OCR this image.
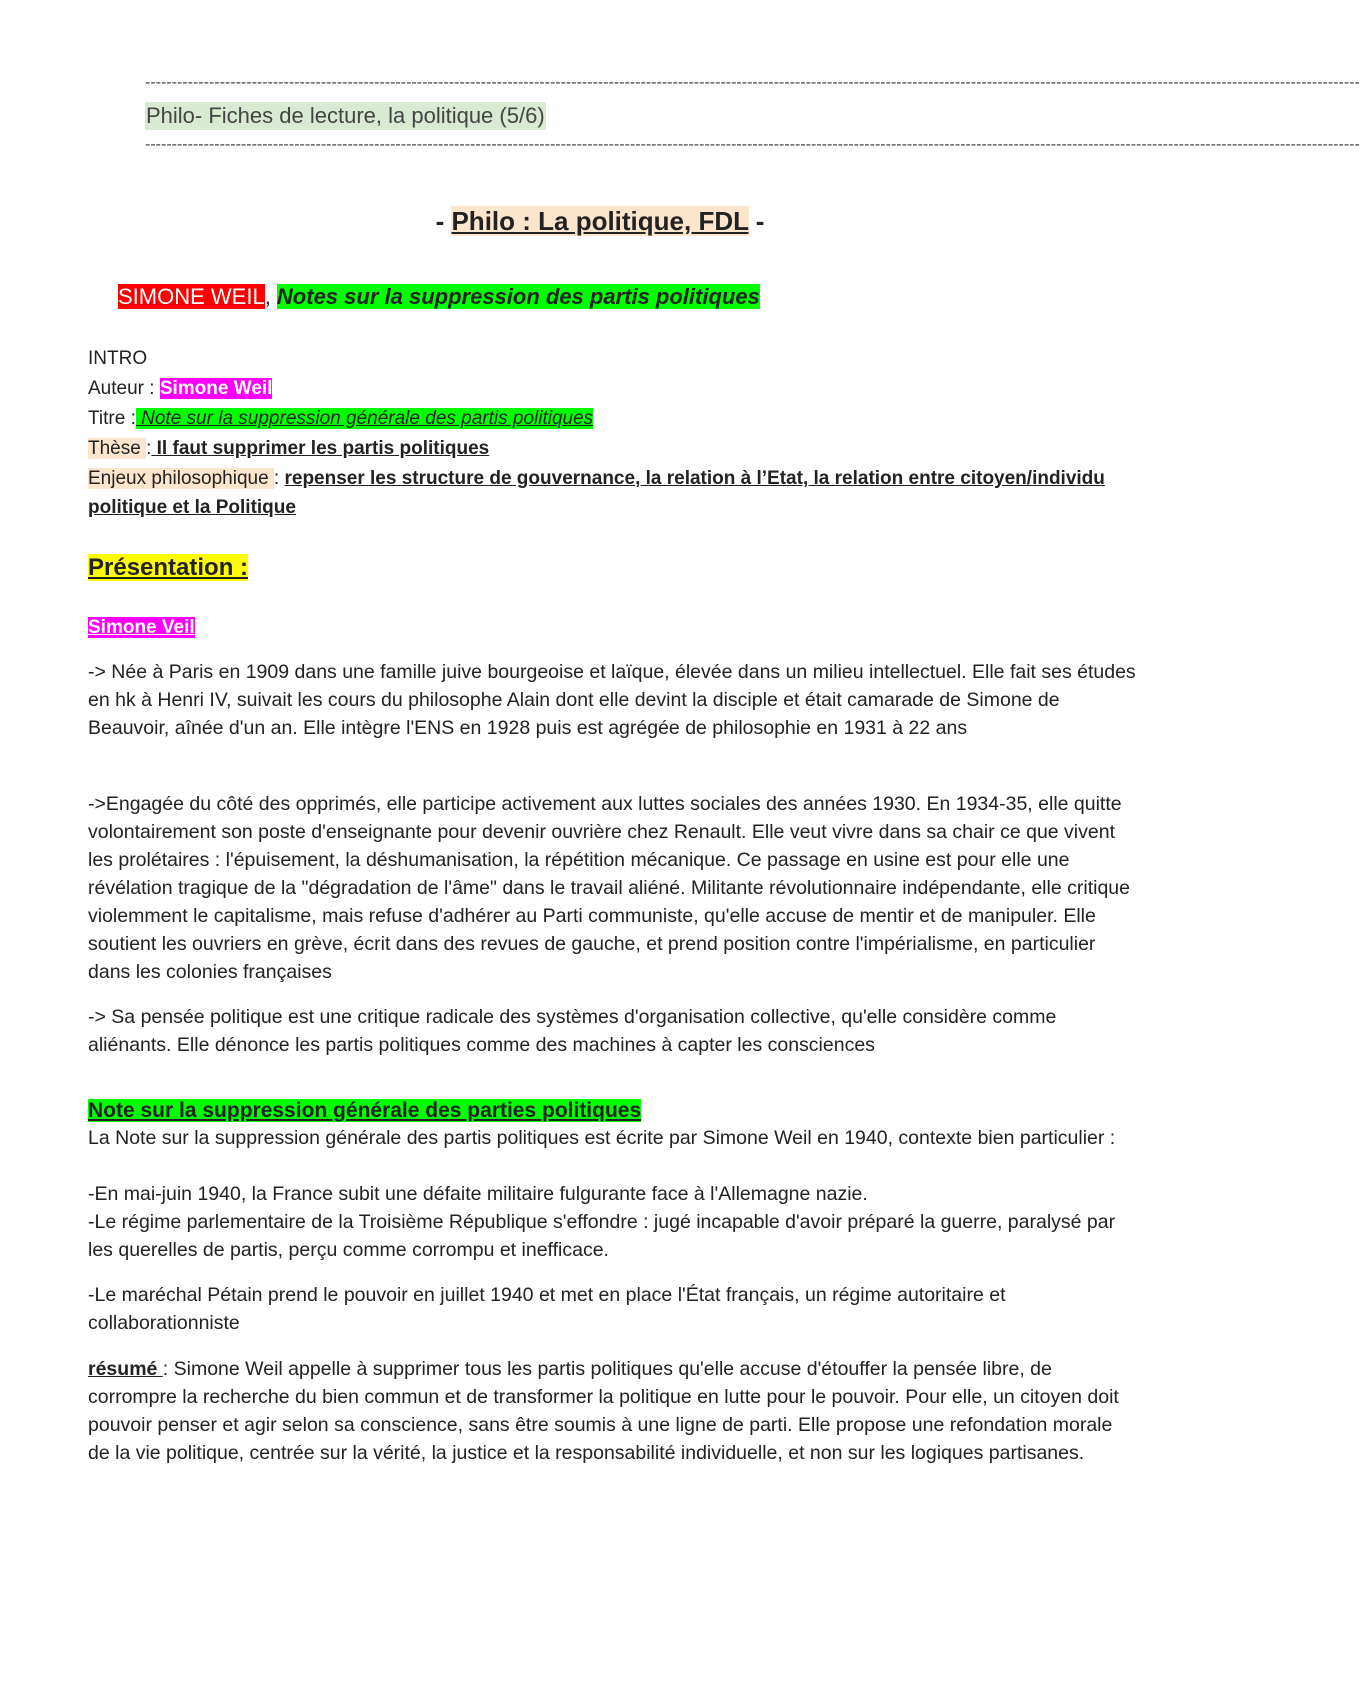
------------------------------------------------------------------------------------------------------------------------------------------------------------------------------------------------------------------------------------
Philo- Fiches de lecture, la politique (5/6)
------------------------------------------------------------------------------------------------------------------------------------------------------------------------------------------------------------------------------------
- Philo : La politique, FDL -
SIMONE WEIL, Notes sur la suppression des partis politiques
INTRO
Auteur : Simone Weil
Titre : Note sur la suppression générale des partis politiques
Thèse : Il faut supprimer les partis politiques
Enjeux philosophique : repenser les structure de gouvernance, la relation à l’Etat, la relation entre citoyen/individu politique et la Politique
Présentation :
Simone Veil
-> Née à Paris en 1909 dans une famille juive bourgeoise et laïque, élevée dans un milieu intellectuel. Elle fait ses études en hk à Henri IV, suivait les cours du philosophe Alain dont elle devint la disciple et était camarade de Simone de Beauvoir, aînée d'un an. Elle intègre l'ENS en 1928 puis est agrégée de philosophie en 1931 à 22 ans
->Engagée du côté des opprimés, elle participe activement aux luttes sociales des années 1930. En 1934-35, elle quitte volontairement son poste d'enseignante pour devenir ouvrière chez Renault. Elle veut vivre dans sa chair ce que vivent les prolétaires : l'épuisement, la déshumanisation, la répétition mécanique. Ce passage en usine est pour elle une révélation tragique de la "dégradation de l'âme" dans le travail aliéné. Militante révolutionnaire indépendante, elle critique violemment le capitalisme, mais refuse d'adhérer au Parti communiste, qu'elle accuse de mentir et de manipuler. Elle soutient les ouvriers en grève, écrit dans des revues de gauche, et prend position contre l'impérialisme, en particulier dans les colonies françaises
-> Sa pensée politique est une critique radicale des systèmes d'organisation collective, qu'elle considère comme aliénants. Elle dénonce les partis politiques comme des machines à capter les consciences
Note sur la suppression générale des parties politiques
La Note sur la suppression générale des partis politiques est écrite par Simone Weil en 1940, contexte bien particulier :
-En mai-juin 1940, la France subit une défaite militaire fulgurante face à l'Allemagne nazie.
-Le régime parlementaire de la Troisième République s'effondre : jugé incapable d'avoir préparé la guerre, paralysé par les querelles de partis, perçu comme corrompu et inefficace.
-Le maréchal Pétain prend le pouvoir en juillet 1940 et met en place l'État français, un régime autoritaire et collaborationniste
résumé : Simone Weil appelle à supprimer tous les partis politiques qu'elle accuse d'étouffer la pensée libre, de corrompre la recherche du bien commun et de transformer la politique en lutte pour le pouvoir. Pour elle, un citoyen doit pouvoir penser et agir selon sa conscience, sans être soumis à une ligne de parti. Elle propose une refondation morale de la vie politique, centrée sur la vérité, la justice et la responsabilité individuelle, et non sur les logiques partisanes.
